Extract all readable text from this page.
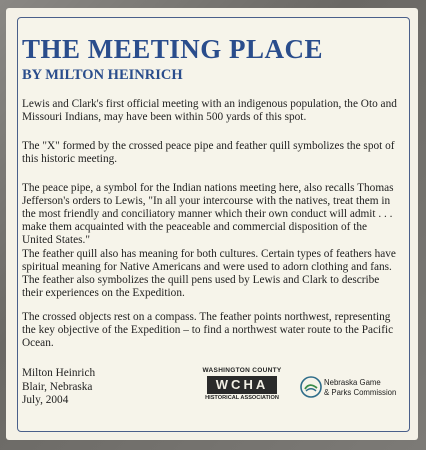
THE MEETING PLACE
BY MILTON HEINRICH
Lewis and Clark's first official meeting with an indigenous population, the Oto and Missouri Indians, may have been within 500 yards of this spot.
The "X" formed by the crossed peace pipe and feather quill symbolizes the spot of this historic meeting.
The peace pipe, a symbol for the Indian nations meeting here, also recalls Thomas Jefferson's orders to Lewis, "In all your intercourse with the natives, treat them in the most friendly and conciliatory manner which their own conduct will admit . . . make them acquainted with the peaceable and commercial disposition of the United States."
The feather quill also has meaning for both cultures. Certain types of feathers have spiritual meaning for Native Americans and were used to adorn clothing and fans. The feather also symbolizes the quill pens used by Lewis and Clark to describe their experiences on the Expedition.
The crossed objects rest on a compass. The feather points northwest, representing the key objective of the Expedition – to find a northwest water route to the Pacific Ocean.
Milton Heinrich
Blair, Nebraska
July, 2004
WASHINGTON COUNTY
WCHA
HISTORICAL ASSOCIATION
Nebraska Game
& Parks Commission
